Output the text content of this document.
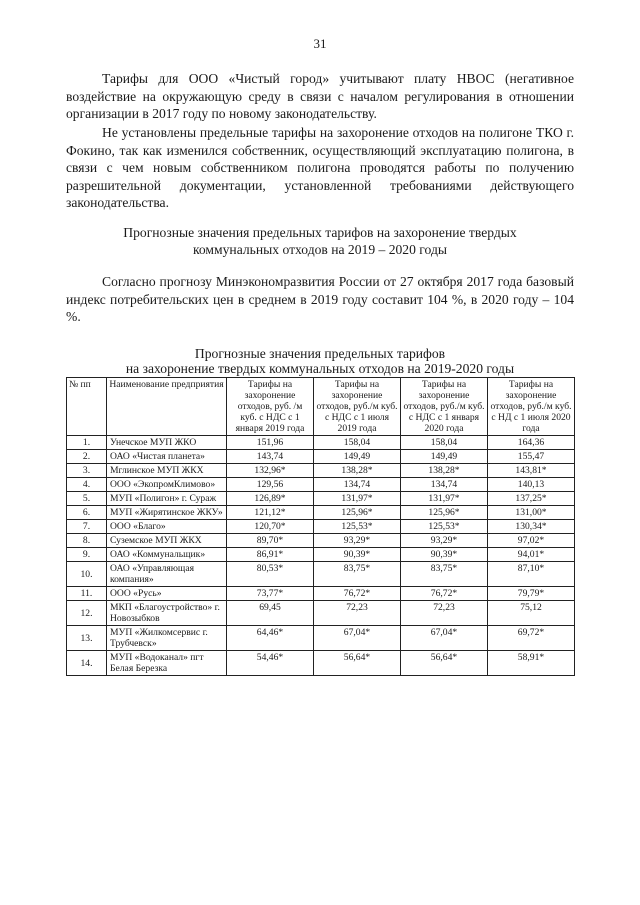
31

Тарифы для ООО «Чистый город» учитывают плату НВОС (негативное воздействие на окружающую среду в связи с началом регулирования в отношении организации в 2017 году по новому законодательству.

Не установлены предельные тарифы на захоронение отходов на полигоне ТКО г. Фокино, так как изменился собственник, осуществляющий эксплуатацию полигона, в связи с чем новым собственником полигона проводятся работы по получению разрешительной документации, установленной требованиями действующего законодательства.

Прогнозные значения предельных тарифов на захоронение твердых

коммунальных отходов на 2019 – 2020 годы

Согласно прогнозу Минэкономразвития России от 27 октября 2017 года базовый индекс потребительских цен в среднем в 2019 году составит 104 %, в 2020 году – 104 %.

Прогнозные значения предельных тарифов

на захоронение твердых коммунальных отходов на 2019-2020 годы

№ пп	Наименование предприятия	Тарифы на захоронение отходов, руб. /м куб. с НДС с 1 января 2019 года	Тарифы на захоронение отходов, руб./м куб. с НДС с 1 июля 2019 года	Тарифы на захоронение отходов, руб./м куб. с НДС с 1 января 2020 года	Тарифы на захоронение отходов, руб./м куб. с НД с 1 июля 2020 года
1.	Унечское МУП ЖКО	151,96	158,04	158,04	164,36
2.	ОАО «Чистая планета»	143,74	149,49	149,49	155,47
3.	Мглинское МУП ЖКХ	132,96*	138,28*	138,28*	143,81*
4.	ООО «ЭкопромКлимово»	129,56	134,74	134,74	140,13
5.	МУП «Полигон» г. Сураж	126,89*	131,97*	131,97*	137,25*
6.	МУП «Жирятинское ЖКУ»	121,12*	125,96*	125,96*	131,00*
7.	ООО «Благо»	120,70*	125,53*	125,53*	130,34*
8.	Суземское МУП ЖКХ	89,70*	93,29*	93,29*	97,02*
9.	ОАО «Коммунальщик»	86,91*	90,39*	90,39*	94,01*
10.	ОАО «Управляющая компания»	80,53*	83,75*	83,75*	87,10*
11.	ООО «Русь»	73,77*	76,72*	76,72*	79,79*
12.	МКП «Благоустройство» г. Новозыбков	69,45	72,23	72,23	75,12
13.	МУП «Жилкомсервис г. Трубчевск»	64,46*	67,04*	67,04*	69,72*
14.	МУП «Водоканал» пгт Белая Березка	54,46*	56,64*	56,64*	58,91*
